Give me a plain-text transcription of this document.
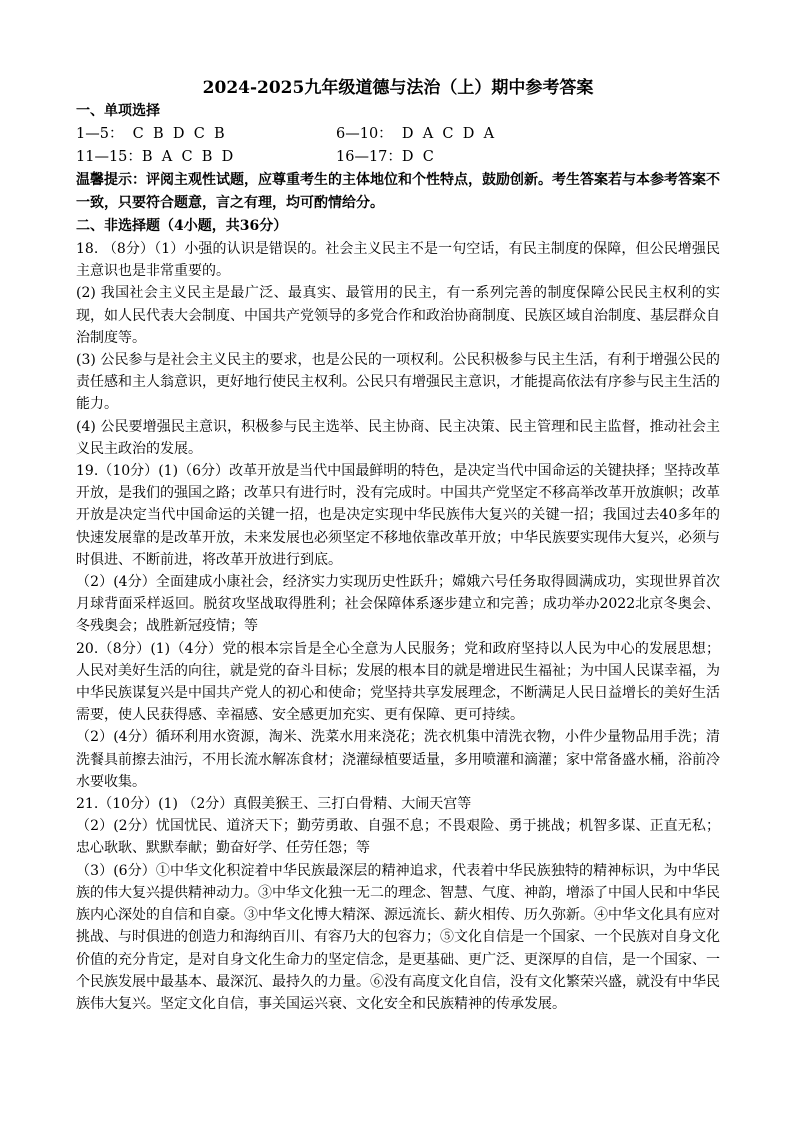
2024-2025九年级道德与法治（上）期中参考答案
一、单项选择
1—5：  C  B  D  C  B	6—10：  D  A  C  D  A
11—15：B  A  C  B  D	16—17：D  C
温馨提示：评阅主观性试题，应尊重考生的主体地位和个性特点，鼓励创新。考生答案若与本参考答案不一致，只要符合题意，言之有理，均可酌情给分。
二、非选择题（4小题，共36分）

18. （8分）（1）小强的认识是错误的。社会主义民主不是一句空话，有民主制度的保障，但公民增强民主意识也是非常重要的。

(2) 我国社会主义民主是最广泛、最真实、最管用的民主，有一系列完善的制度保障公民民主权利的实现，如人民代表大会制度、中国共产党领导的多党合作和政治协商制度、民族区域自治制度、基层群众自治制度等。

(3) 公民参与是社会主义民主的要求，也是公民的一项权利。公民积极参与民主生活，有利于增强公民的责任感和主人翁意识，更好地行使民主权利。公民只有增强民主意识，才能提高依法有序参与民主生活的能力。

(4) 公民要增强民主意识，积极参与民主选举、民主协商、民主决策、民主管理和民主监督，推动社会主义民主政治的发展。

19.（10分）(1)（6分）改革开放是当代中国最鲜明的特色，是决定当代中国命运的关键抉择；坚持改革开放，是我们的强国之路；改革只有进行时，没有完成时。中国共产党坚定不移高举改革开放旗帜；改革开放是决定当代中国命运的关键一招，也是决定实现中华民族伟大复兴的关键一招；我国过去40多年的快速发展靠的是改革开放，未来发展也必须坚定不移地依靠改革开放；中华民族要实现伟大复兴，必须与时俱进、不断前进，将改革开放进行到底。

（2）(4分）全面建成小康社会，经济实力实现历史性跃升；嫦娥六号任务取得圆满成功，实现世界首次月球背面采样返回。脱贫攻坚战取得胜利；社会保障体系逐步建立和完善；成功举办2022北京冬奥会、冬残奥会；战胜新冠疫情；等

20.（8分）(1)（4分）党的根本宗旨是全心全意为人民服务；党和政府坚持以人民为中心的发展思想；人民对美好生活的向往，就是党的奋斗目标；发展的根本目的就是增进民生福祉；为中国人民谋幸福，为中华民族谋复兴是中国共产党人的初心和使命；党坚持共享发展理念，不断满足人民日益增长的美好生活需要，使人民获得感、幸福感、安全感更加充实、更有保障、更可持续。

（2）(4分）循环利用水资源，淘米、洗菜水用来浇花；洗衣机集中清洗衣物，小件少量物品用手洗；清洗餐具前擦去油污，不用长流水解冻食材；浇灌绿植要适量，多用喷灌和滴灌；家中常备盛水桶，浴前冷水要收集。

21.（10分）(1) （2分）真假美猴王、三打白骨精、大闹天宫等

（2）(2分）忧国忧民、道济天下；勤劳勇敢、自强不息；不畏艰险、勇于挑战；机智多谋、正直无私；忠心耿耿、默默奉献；勤奋好学、任劳任怨；等

（3）(6分）①中华文化积淀着中华民族最深层的精神追求，代表着中华民族独特的精神标识，为中华民族的伟大复兴提供精神动力。③中华文化独一无二的理念、智慧、气度、神韵，增添了中国人民和中华民族内心深处的自信和自豪。③中华文化博大精深、源远流长、薪火相传、历久弥新。④中华文化具有应对挑战、与时俱进的创造力和海纳百川、有容乃大的包容力；⑤文化自信是一个国家、一个民族对自身文化价值的充分肯定，是对自身文化生命力的坚定信念，是更基础、更广泛、更深厚的自信，是一个国家、一个民族发展中最基本、最深沉、最持久的力量。⑥没有高度文化自信，没有文化繁荣兴盛，就没有中华民族伟大复兴。坚定文化自信，事关国运兴衰、文化安全和民族精神的传承发展。
